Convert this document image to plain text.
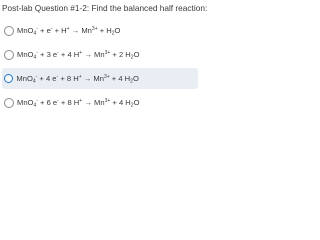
Post-lab Question #1-2: Find the balanced half reaction:
$MnO_4^- + e^- + H^+ \to Mn^{3+} + H_2O$
MnO$_4$- + 3 e- + 4 $H^+ \to Mn^{3+} + 2$ $H_2O$
MnO$_4$- + 4 e- + 8 $H^+ \to Mn^{3+} + 4$ $H_2O$
MnO$_4$- + 6 e- + 8 $H^+ \to Mn^{3+} + 4$ $H_2O$
